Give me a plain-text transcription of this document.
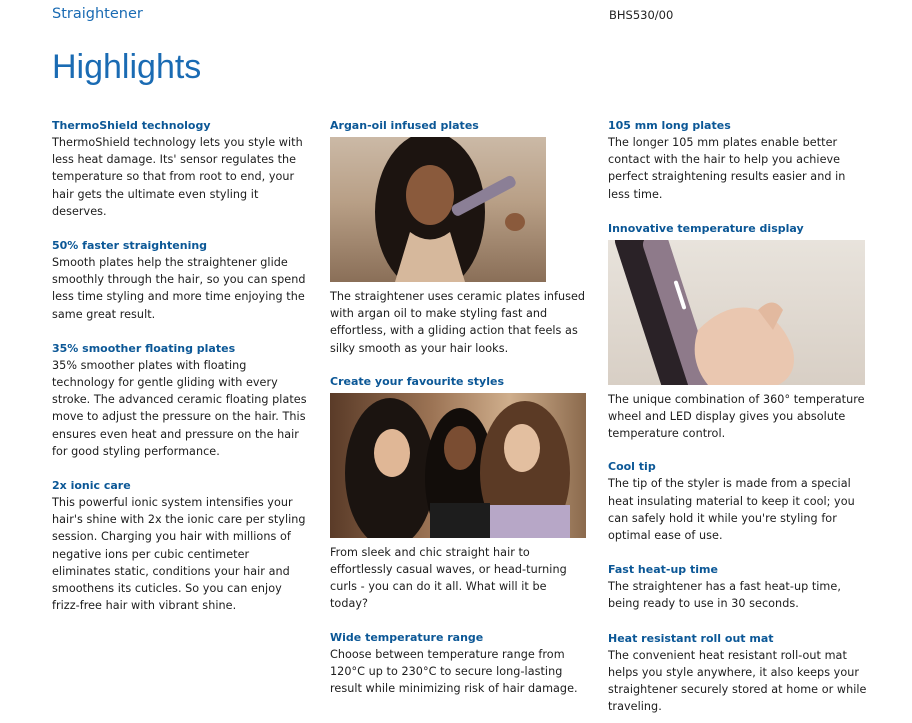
Straightener	BHS530/00
Highlights

ThermoShield technology

ThermoShield technology lets you style with less heat damage. Its' sensor regulates the temperature so that from root to end, your hair gets the ultimate even styling it deserves.

50% faster straightening

Smooth plates help the straightener glide smoothly through the hair, so you can spend less time styling and more time enjoying the same great result.

35% smoother floating plates

35% smoother plates with floating technology for gentle gliding with every stroke. The advanced ceramic floating plates move to adjust the pressure on the hair. This ensures even heat and pressure on the hair for good styling performance.

2x ionic care

This powerful ionic system intensifies your hair's shine with 2x the ionic care per styling session. Charging you hair with millions of negative ions per cubic centimeter eliminates static, conditions your hair and smoothens its cuticles. So you can enjoy frizz-free hair with vibrant shine.

Argan-oil infused plates

The straightener uses ceramic plates infused with argan oil to make styling fast and effortless, with a gliding action that feels as silky smooth as your hair looks.

Create your favourite styles

From sleek and chic straight hair to effortlessly casual waves, or head-turning curls - you can do it all. What will it be today?

Wide temperature range

Choose between temperature range from 120°C up to 230°C to secure long-lasting result while minimizing risk of hair damage.

105 mm long plates

The longer 105 mm plates enable better contact with the hair to help you achieve perfect straightening results easier and in less time.

Innovative temperature display

The unique combination of 360° temperature wheel and LED display gives you absolute temperature control.

Cool tip

The tip of the styler is made from a special heat insulating material to keep it cool; you can safely hold it while you're styling for optimal ease of use.

Fast heat-up time

The straightener has a fast heat-up time, being ready to use in 30 seconds.

Heat resistant roll out mat

The convenient heat resistant roll-out mat helps you style anywhere, it also keeps your straightener securely stored at home or while traveling.
